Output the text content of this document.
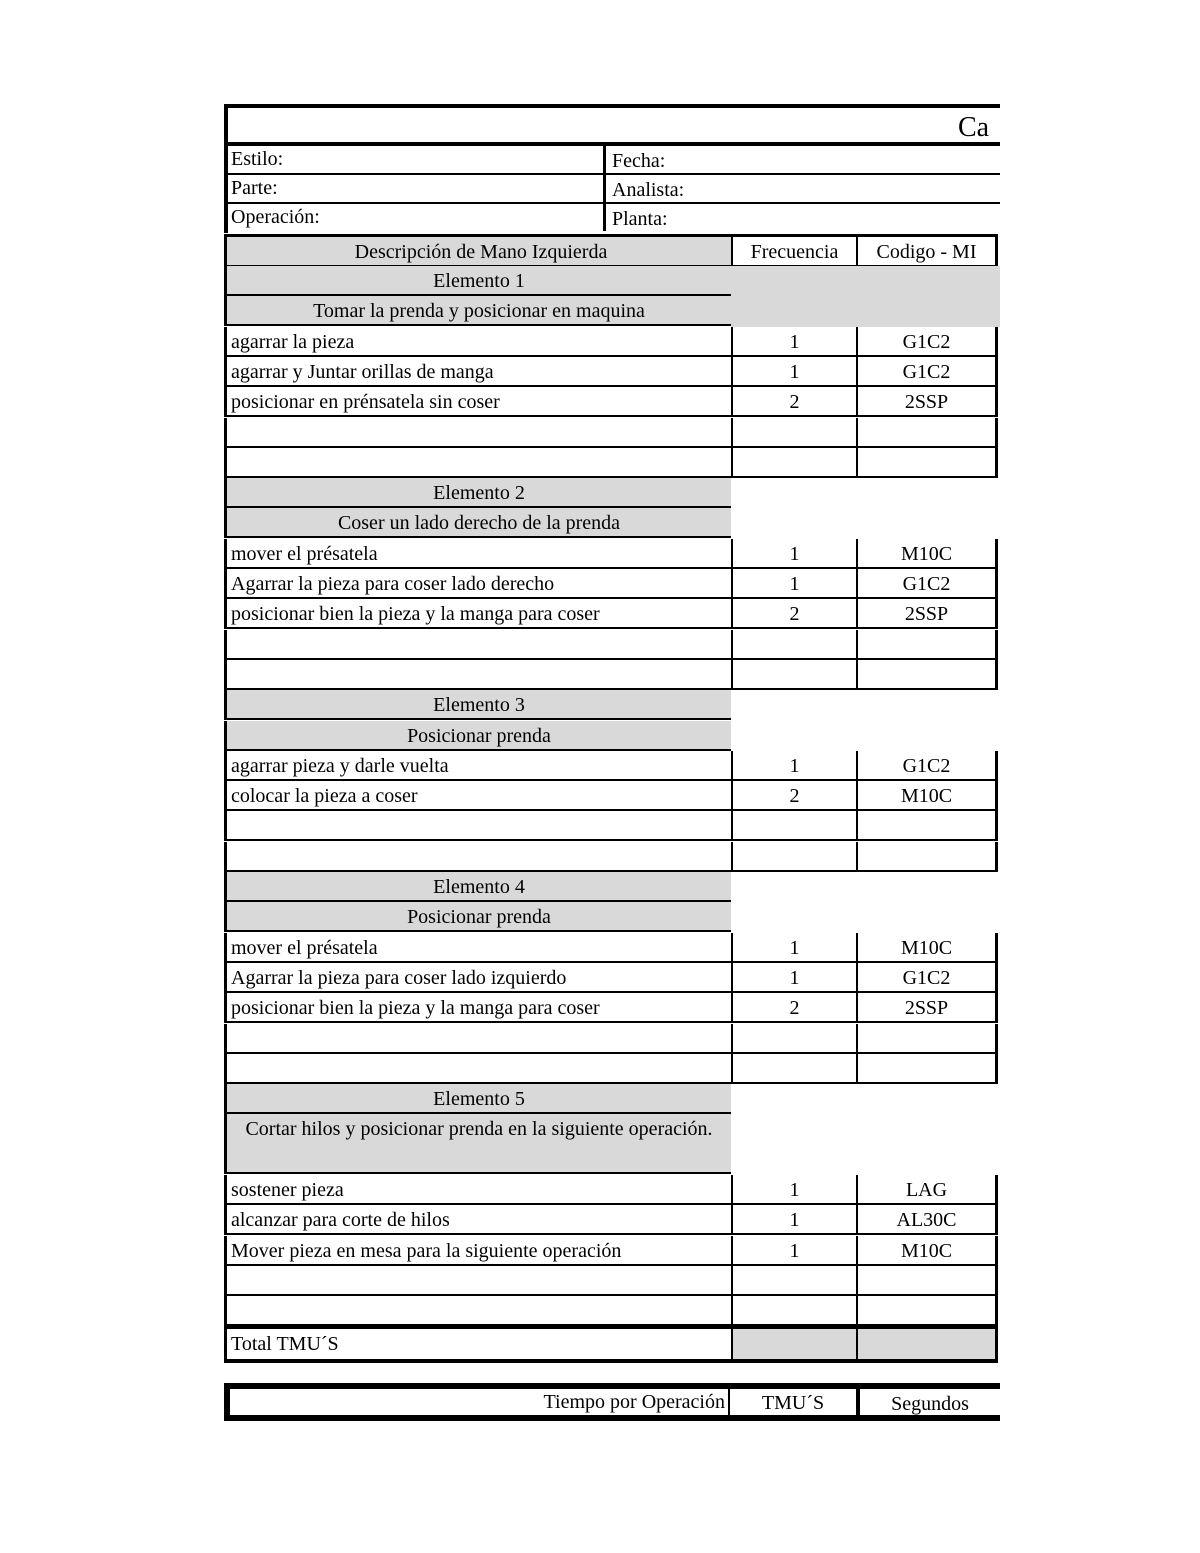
Ca
Estilo:	Fecha:
Parte:	Analista:
Operación:	Planta:
Descripción de Mano Izquierda	Frecuencia	Codigo - MI
Elemento 1
Tomar la prenda y posicionar en maquina
agarrar la pieza	1	G1C2
agarrar y Juntar orillas de manga	1	G1C2
posicionar en prénsatela sin coser	2	2SSP
Elemento 2
Coser un lado derecho de la prenda
mover el présatela	1	M10C
Agarrar la pieza para coser lado derecho	1	G1C2
posicionar bien la pieza y la manga para coser	2	2SSP
Elemento 3
Posicionar prenda
agarrar pieza y darle vuelta	1	G1C2
colocar la pieza a coser	2	M10C
Elemento 4
Posicionar prenda
mover el présatela	1	M10C
Agarrar la pieza para coser lado izquierdo	1	G1C2
posicionar bien la pieza y la manga para coser	2	2SSP
Elemento 5
Cortar hilos y posicionar prenda en la siguiente operación.
sostener pieza	1	LAG
alcanzar para corte de hilos	1	AL30C
Mover pieza en mesa para la siguiente operación	1	M10C
Total TMU´S
Tiempo por Operación	TMU´S	Segundos
